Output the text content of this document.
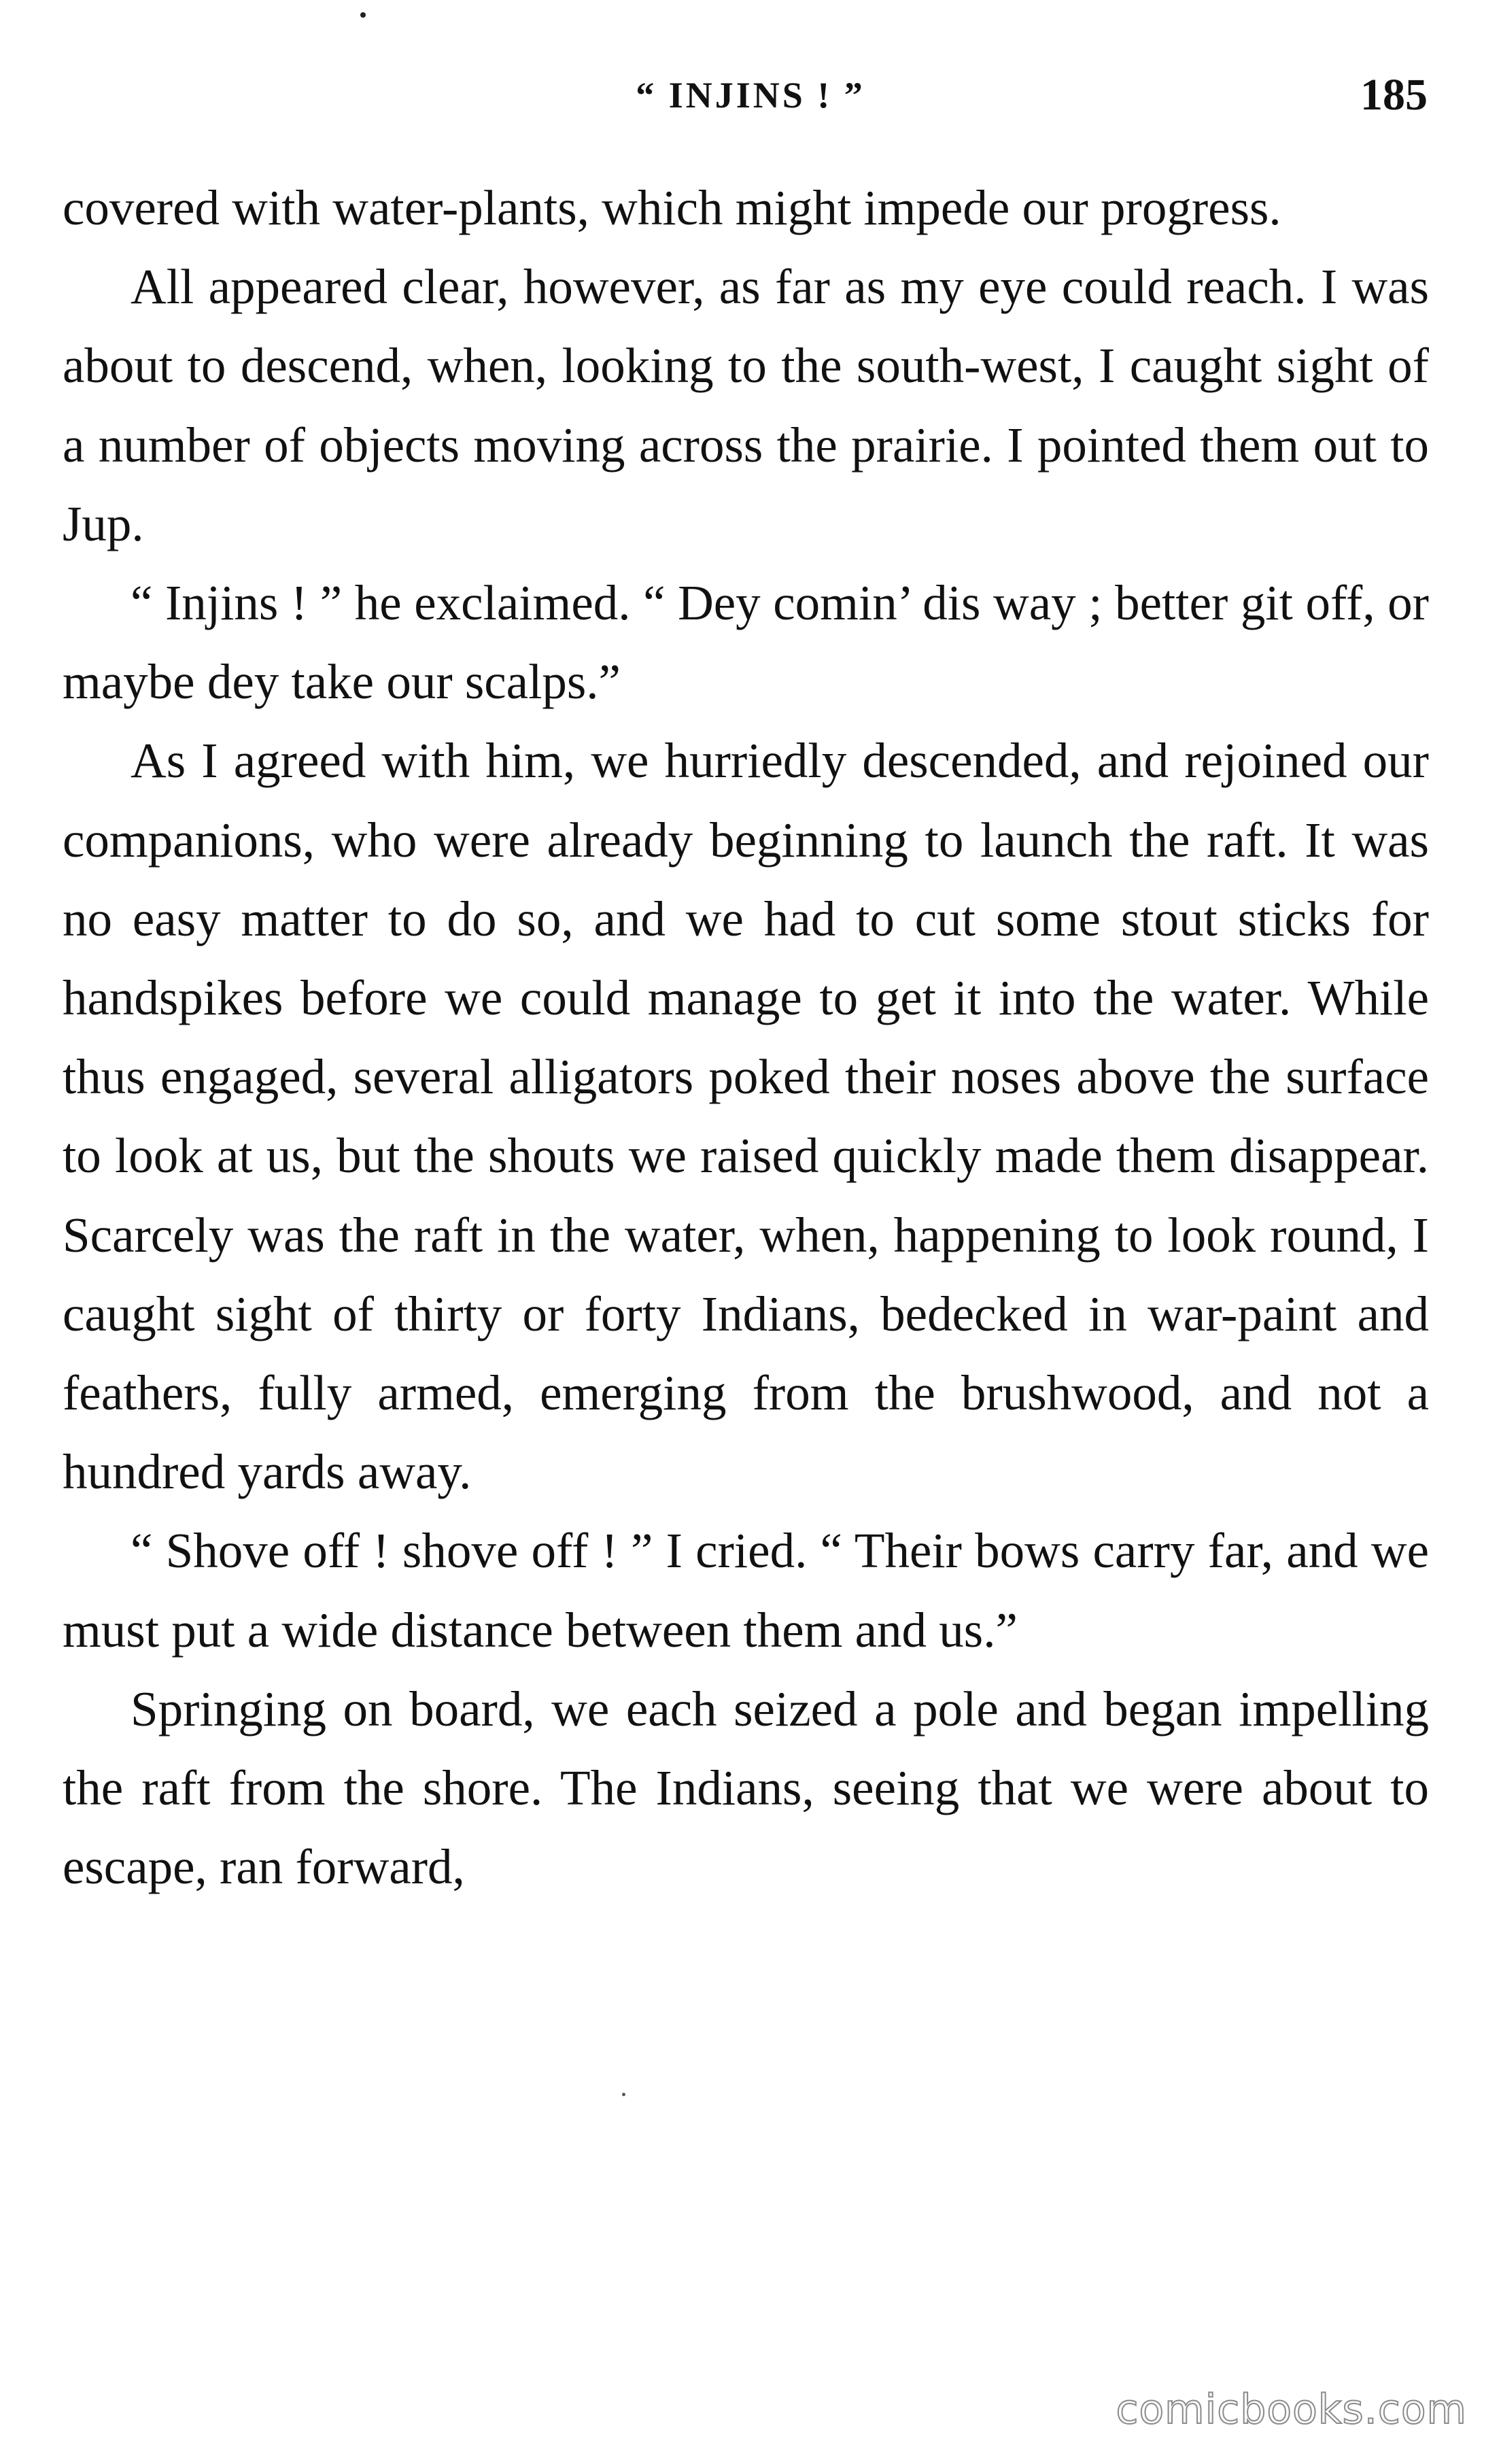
“ INJINS ! ”	185

covered with water-plants, which might impede our progress.

All appeared clear, however, as far as my eye could reach. I was about to descend, when, looking to the south-west, I caught sight of a number of objects moving across the prairie. I pointed them out to Jup.

“ Injins ! ” he exclaimed. “ Dey comin’ dis way ; better git off, or maybe dey take our scalps.”

As I agreed with him, we hurriedly descended, and rejoined our companions, who were already beginning to launch the raft. It was no easy matter to do so, and we had to cut some stout sticks for handspikes before we could manage to get it into the water. While thus engaged, several alligators poked their noses above the surface to look at us, but the shouts we raised quickly made them disappear. Scarcely was the raft in the water, when, happening to look round, I caught sight of thirty or forty Indians, bedecked in war-paint and feathers, fully armed, emerging from the brushwood, and not a hundred yards away.

“ Shove off ! shove off ! ” I cried. “ Their bows carry far, and we must put a wide distance between them and us.”

Springing on board, we each seized a pole and began impelling the raft from the shore. The Indians, seeing that we were about to escape, ran forward,

comicbooks.com
